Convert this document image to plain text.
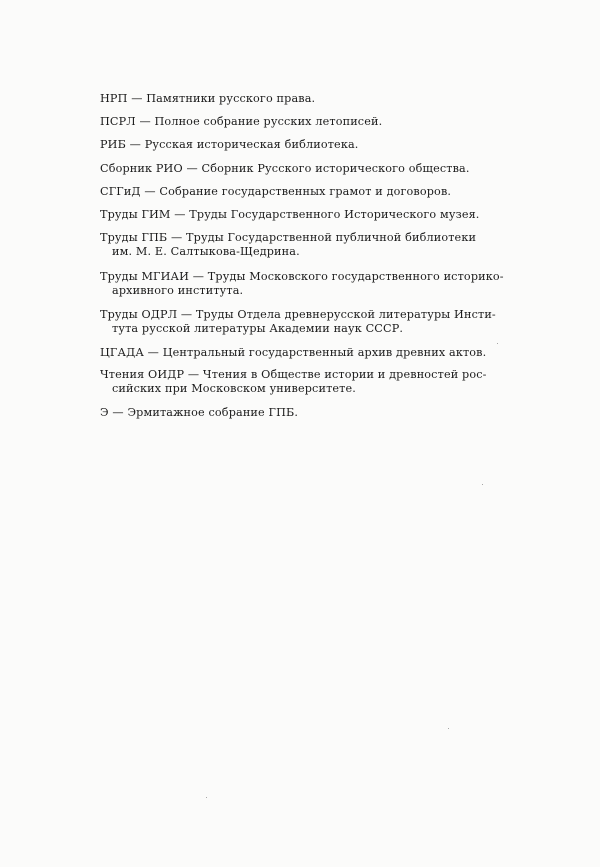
НРП — Памятники русского права.

ПСРЛ — Полное собрание русских летописей.

РИБ — Русская историческая библиотека.

Сборник РИО — Сборник Русского исторического общества.

СГГиД — Собрание государственных грамот и договоров.

Труды ГИМ — Труды Государственного Исторического музея.

Труды ГПБ — Труды Государственной публичной библиотеки
им. М. Е. Салтыкова-Щедрина.

Труды МГИАИ — Труды Московского государственного историко-
архивного института.

Труды ОДРЛ — Труды Отдела древнерусской литературы Инсти-
тута русской литературы Академии наук СССР.

ЦГАДА — Центральный государственный архив древних актов.

Чтения ОИДР — Чтения в Обществе истории и древностей рос-
сийских при Московском университете.

Э — Эрмитажное собрание ГПБ.
